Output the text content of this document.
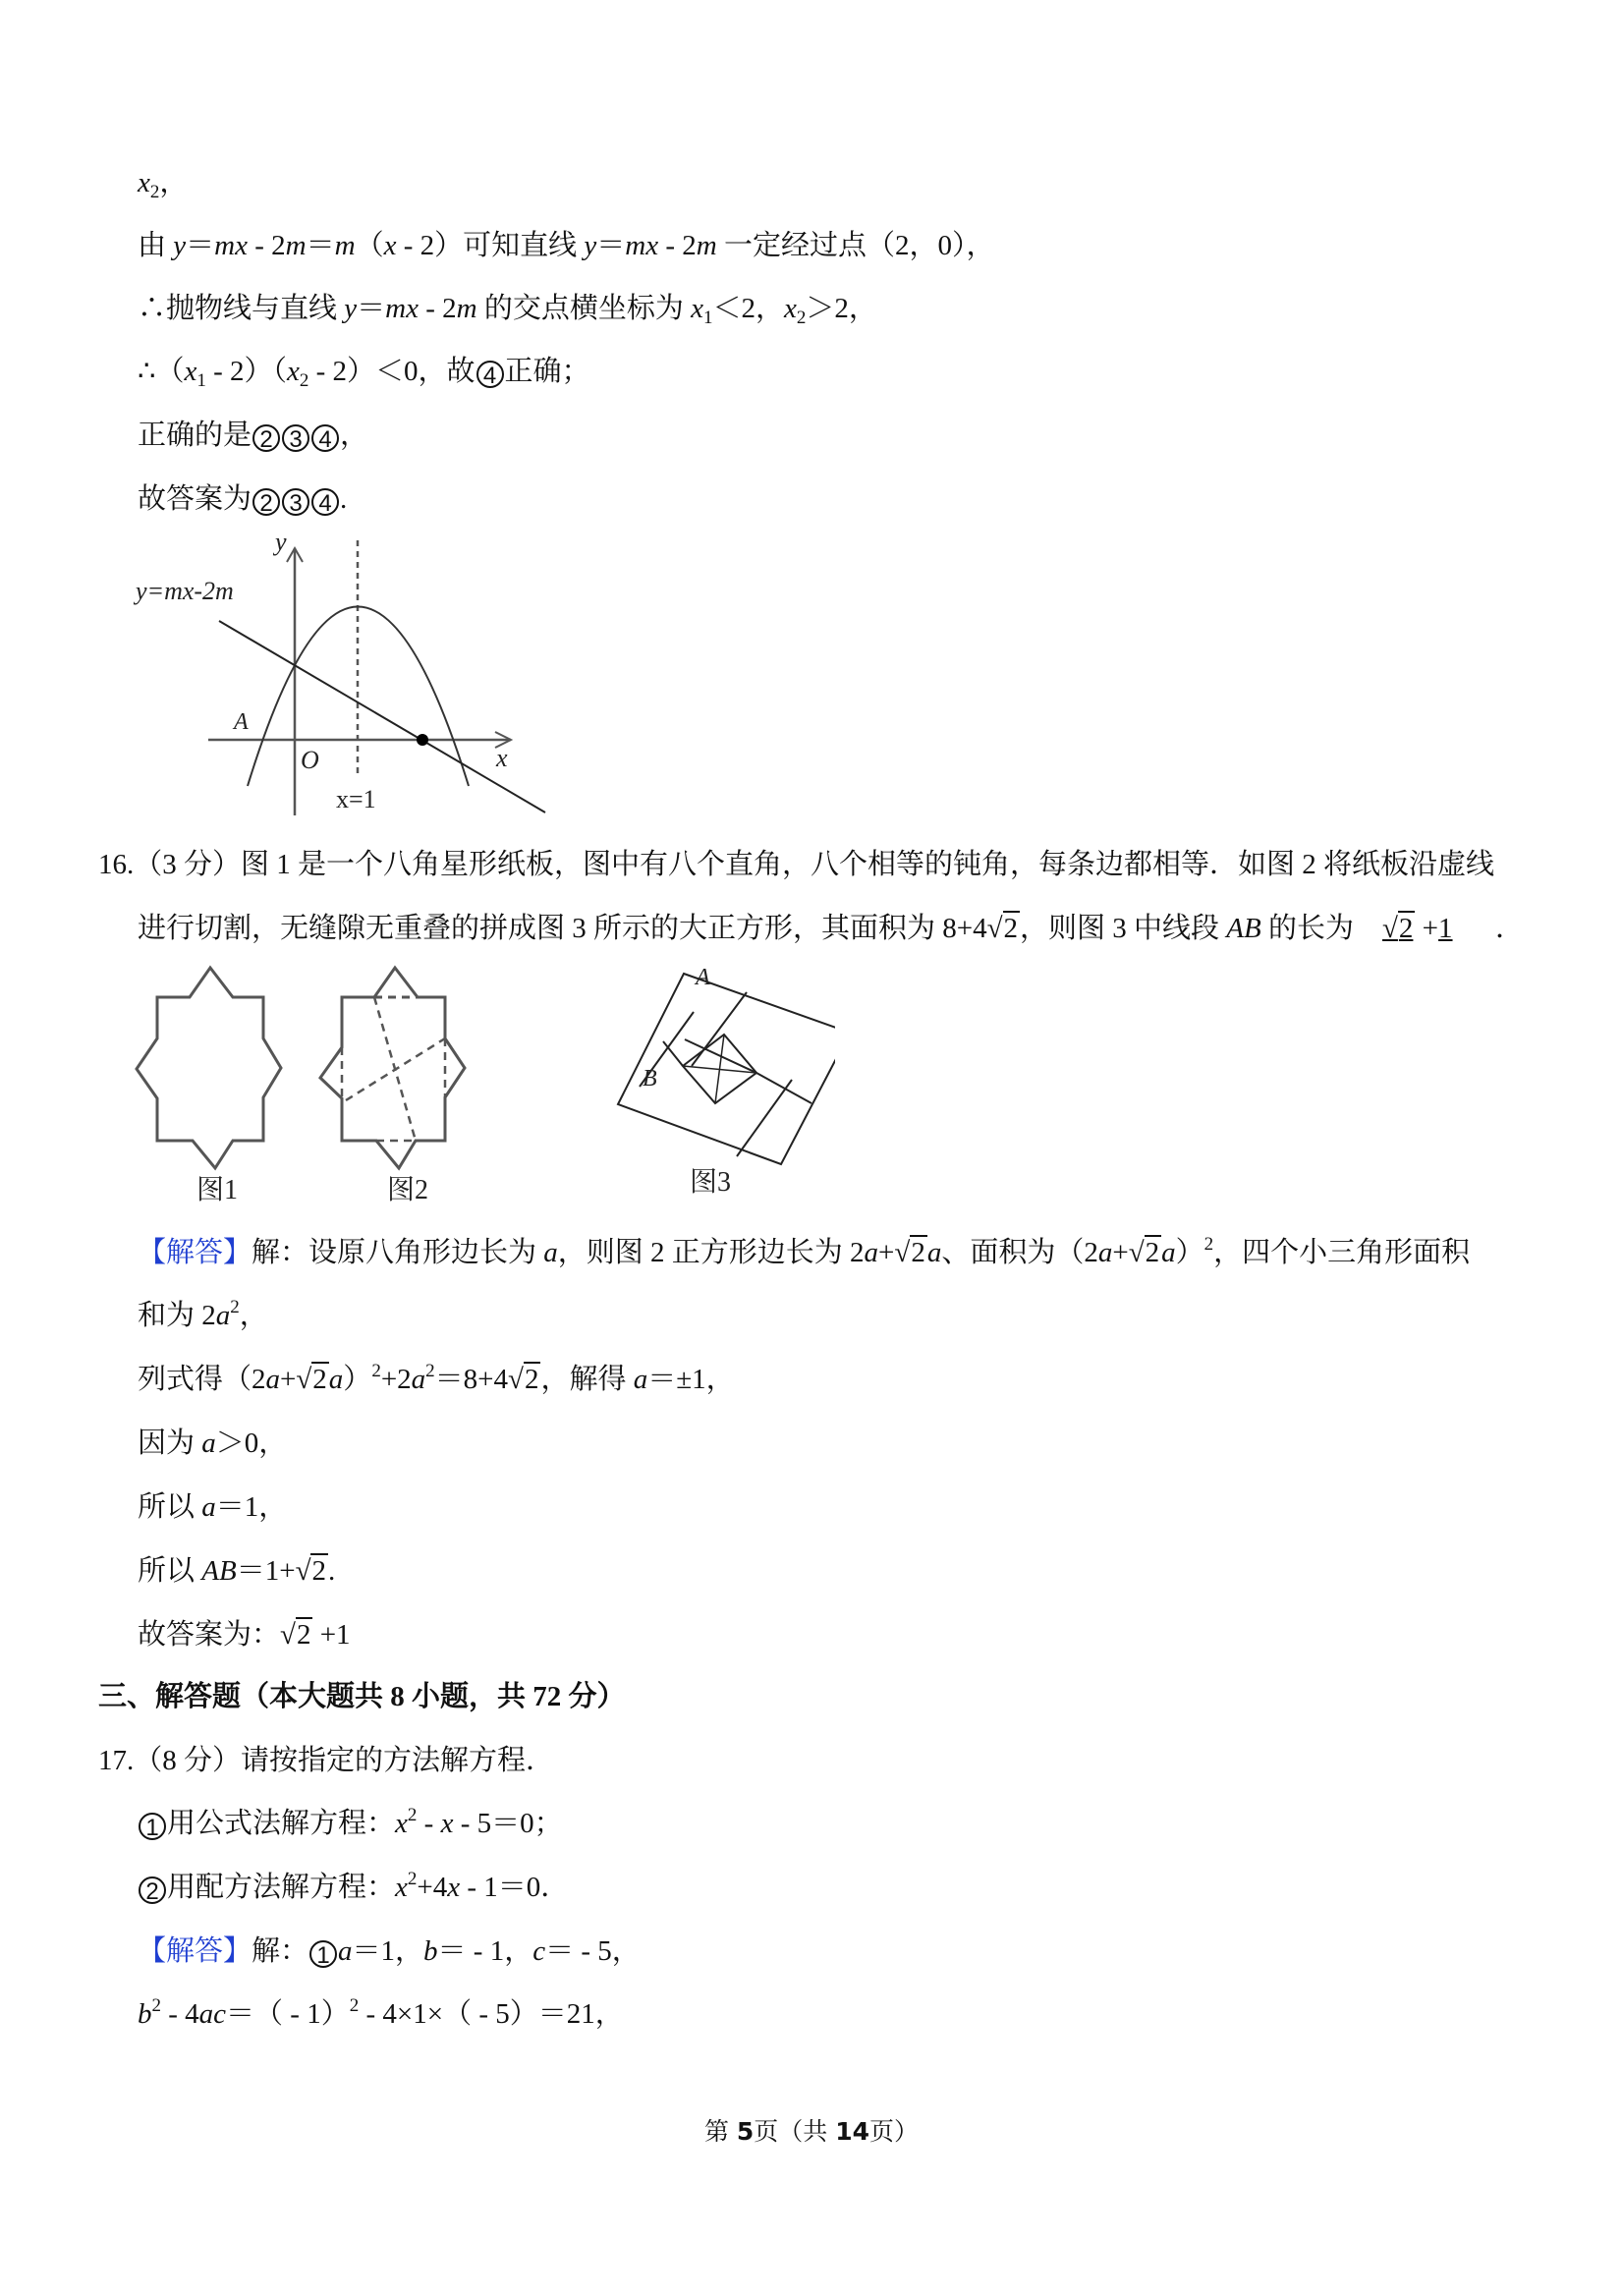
$x_2$，
由 y＝mx - 2m＝m（x - 2）可知直线 y＝mx - 2m 一定经过点（2，0），
∴抛物线与直线 y＝mx - 2m 的交点横坐标为 $x_1<2$，$x_2>2$，
$\therefore(x_1 - 2)(x_2 - 2)<0$，故 4 正确；
正确的是 2 3 4 ，
故答案为 2 3 4 .
y=mx-2m
y
x
O
A
x=1
16.（3 分）图 1 是一个八角星形纸板，图中有八个直角，八个相等的钝角，每条边都相等．如图 2 将纸板沿虚线
进行切割，无缝隙无重叠的拼成图 3 所示的大正方形，其面积为 8+4√2，则图 3 中线段 AB 的长为 √2 +1 ．
图1	图2
A
B
图3
【解答】解：设原八角形边长为 a，则图 2 正方形边长为 2a+√2a、面积为$(2a+√2a)^2$，四个小三角形面积
和为 $2a^2$，
列式得$(2a+√2a)^2+2a^2=8+4√2$，解得 a＝±1，
因为 a＞0，
所以 a＝1，
所以 AB＝1+√2.
故答案为：√2 +1
三、解答题（本大题共 8 小题，共 72 分）
17.（8 分）请按指定的方法解方程．
1 用公式法解方程：$x^2 - x - 5=0$；
2 用配方法解方程：$x^2+4x - 1=0$．
【解答】解： 1 a＝1，b＝ - 1，c＝ - 5，
$b^2 - 4ac=( - 1)^2 - 4\times 1\times( - 5)=21$，
第 5页（共 14页）
